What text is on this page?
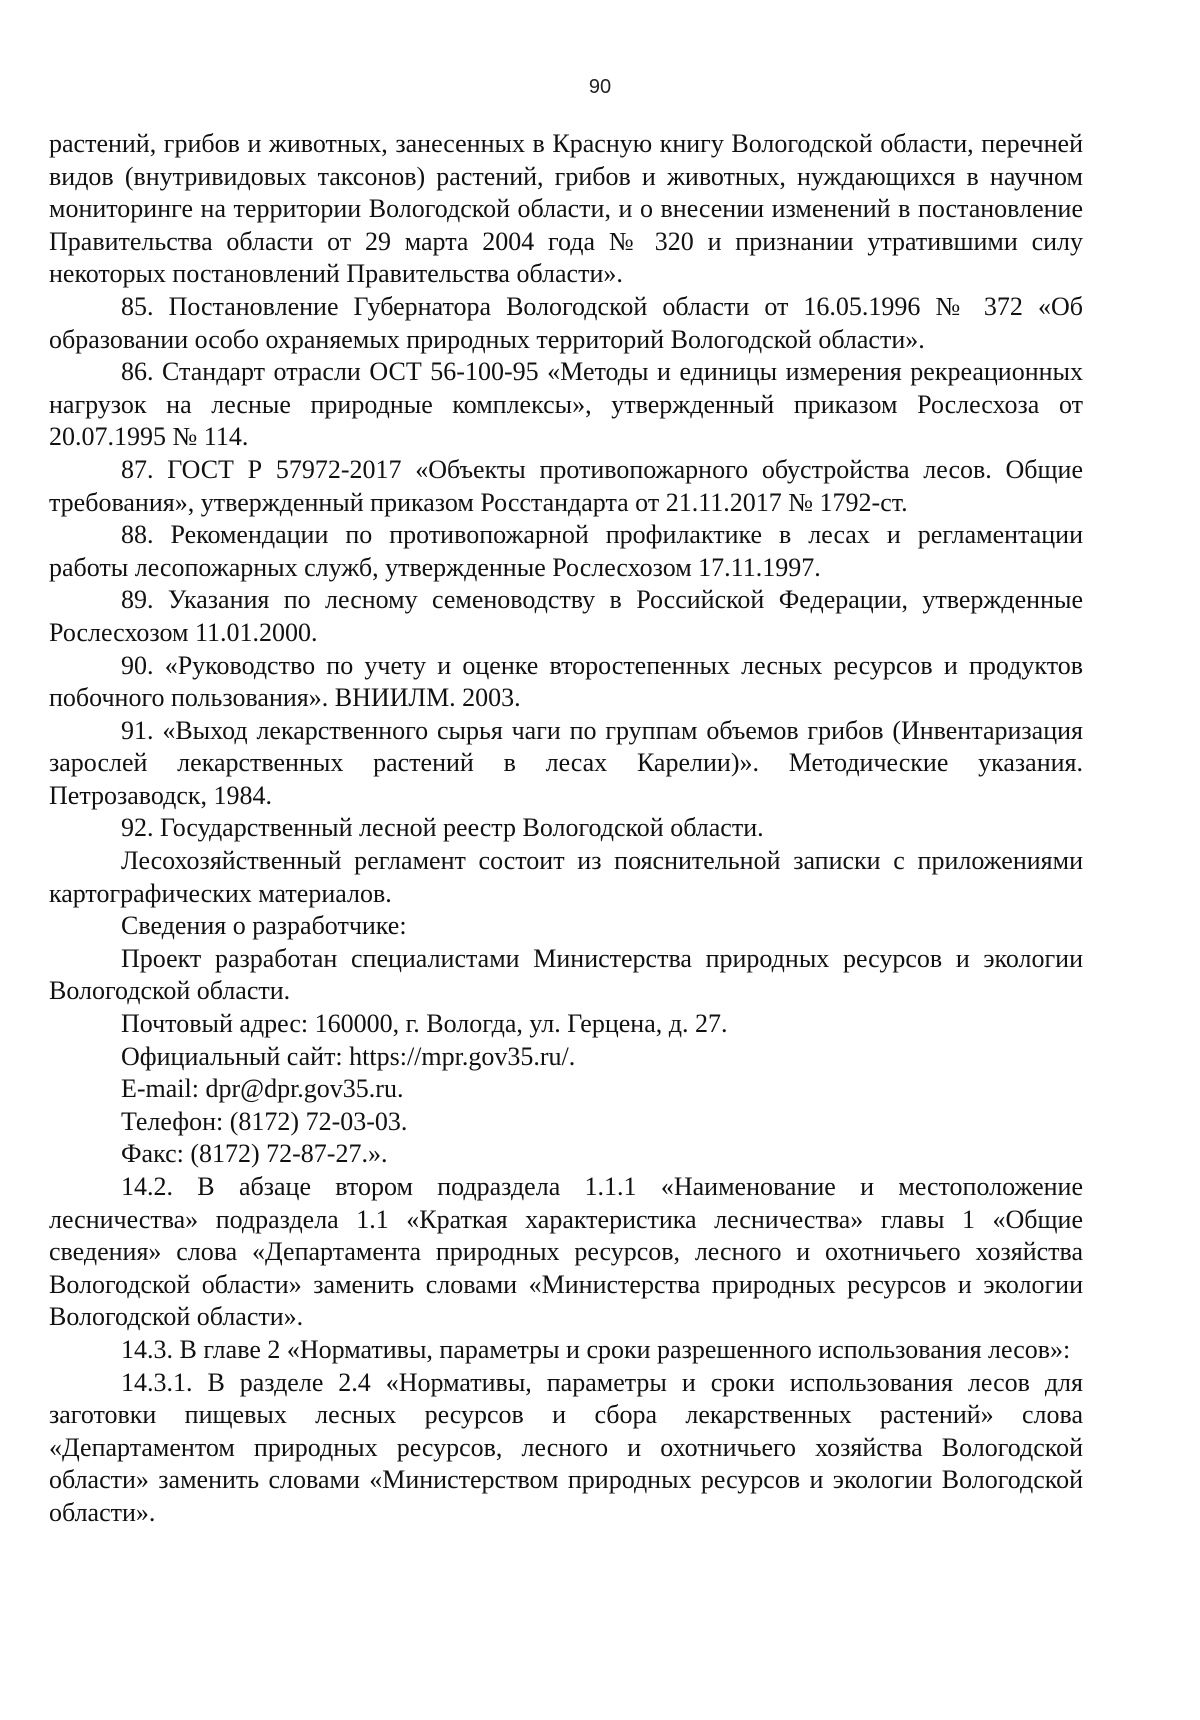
90

растений, грибов и животных, занесенных в Красную книгу Вологодской области, перечней видов (внутривидовых таксонов) растений, грибов и животных, нуждающихся в научном мониторинге на территории Вологодской области, и о внесении изменений в постановление Правительства области от 29 марта 2004 года № 320 и признании утратившими силу некоторых постановлений Правительства области».

85. Постановление Губернатора Вологодской области от 16.05.1996 № 372 «Об образовании особо охраняемых природных территорий Вологодской области».

86. Стандарт отрасли ОСТ 56-100-95 «Методы и единицы измерения рекреационных нагрузок на лесные природные комплексы», утвержденный приказом Рослесхоза от 20.07.1995 № 114.

87. ГОСТ Р 57972-2017 «Объекты противопожарного обустройства лесов. Общие требования», утвержденный приказом Росстандарта от 21.11.2017 № 1792-ст.

88. Рекомендации по противопожарной профилактике в лесах и регламентации работы лесопожарных служб, утвержденные Рослесхозом 17.11.1997.

89. Указания по лесному семеноводству в Российской Федерации, утвержденные Рослесхозом 11.01.2000.

90. «Руководство по учету и оценке второстепенных лесных ресурсов и продуктов побочного пользования». ВНИИЛМ. 2003.

91. «Выход лекарственного сырья чаги по группам объемов грибов (Инвентаризация зарослей лекарственных растений в лесах Карелии)». Методические указания. Петрозаводск, 1984.

92. Государственный лесной реестр Вологодской области.

Лесохозяйственный регламент состоит из пояснительной записки с приложениями картографических материалов.

Сведения о разработчике:

Проект разработан специалистами Министерства природных ресурсов и экологии Вологодской области.

Почтовый адрес: 160000, г. Вологда, ул. Герцена, д. 27.

Официальный сайт: https://mpr.gov35.ru/.

E-mail: dpr@dpr.gov35.ru.

Телефон: (8172) 72-03-03.

Факс: (8172) 72-87-27.».

14.2. В абзаце втором подраздела 1.1.1 «Наименование и местоположение лесничества» подраздела 1.1 «Краткая характеристика лесничества» главы 1 «Общие сведения» слова «Департамента природных ресурсов, лесного и охотничьего хозяйства Вологодской области» заменить словами «Министерства природных ресурсов и экологии Вологодской области».

14.3. В главе 2 «Нормативы, параметры и сроки разрешенного использования лесов»:

14.3.1. В разделе 2.4 «Нормативы, параметры и сроки использования лесов для заготовки пищевых лесных ресурсов и сбора лекарственных растений» слова «Департаментом природных ресурсов, лесного и охотничьего хозяйства Вологодской области» заменить словами «Министерством природных ресурсов и экологии Вологодской области».
